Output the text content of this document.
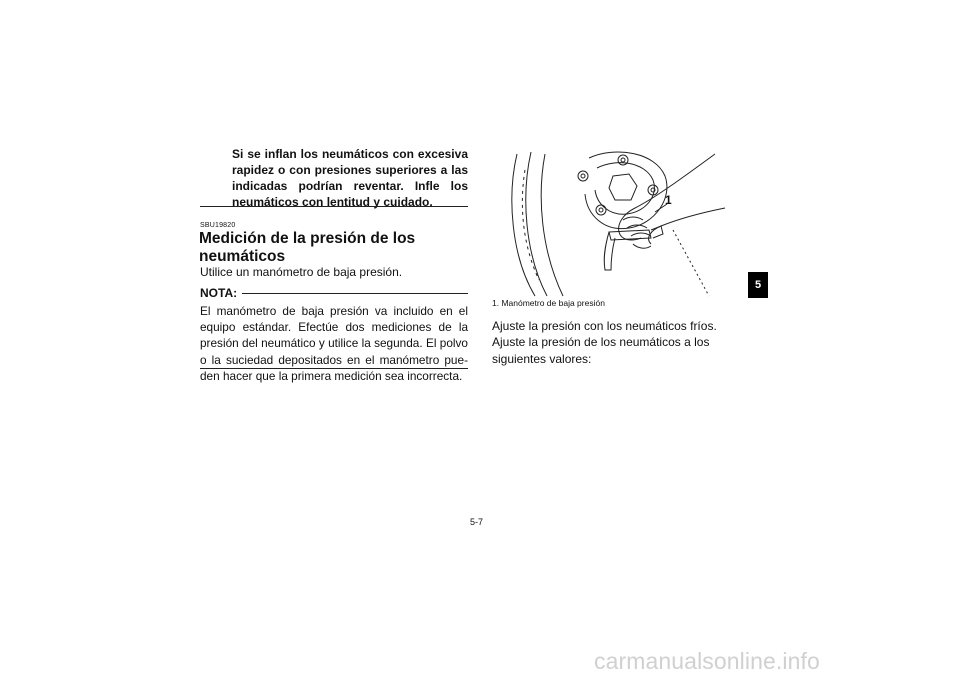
Si se inflan los neumáticos con excesiva rapidez o con presiones superiores a las indicadas podrían reventar. Infle los neumáticos con lentitud y cuidado.
SBU19820
Medición de la presión de los neumáticos
Utilice un manómetro de baja presión.
NOTA:
El manómetro de baja presión va incluido en el equipo estándar. Efectúe dos mediciones de la presión del neumático y utilice la segunda. El polvo o la suciedad depositados en el manómetro pueden hacer que la primera medición sea incorrecta.
1
1. Manómetro de baja presión
Ajuste la presión con los neumáticos fríos. Ajuste la presión de los neumáticos a los siguientes valores:
5
5-7
carmanualsonline.info
